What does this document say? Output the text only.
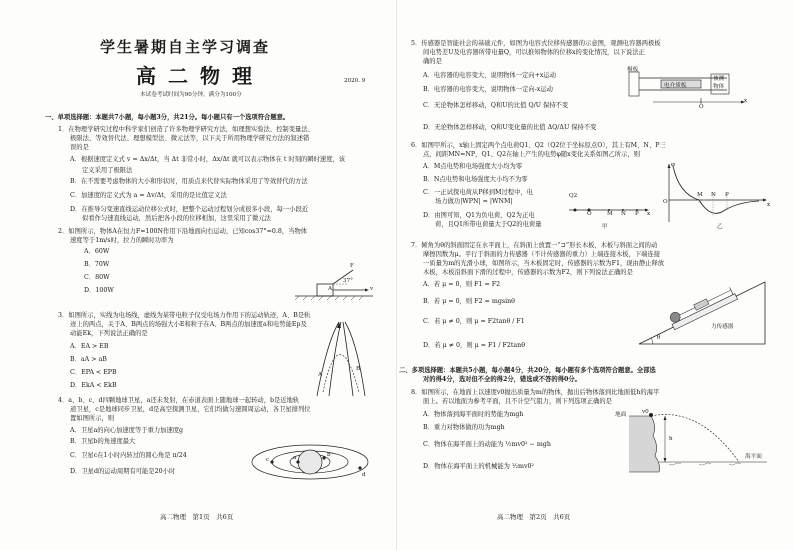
学生暑期自主学习调查
高二物理	2020. 9
本试卷考试时间为90分钟，满分为100分
一、单项选择题：本题共7小题，每小题3分，共21分。每小题只有一个选项符合题意。
1．在物理学研究过程中科学家们创造了许多物理学研究方法，如理想实验法、控制变量法、
极限法、等效替代法、理想模型法、微元法等，以下关于所用物理学研究方法的叙述错
误的是
A．根据速度定义式 v = Δx/Δt，当 Δt 非常小时，Δx/Δt 就可以表示物体在 t 时刻的瞬时速度，该
定义采用了极限法
B．在不需要考虑物体的大小和形状时，用质点来代替实际物体采用了等效替代的方法
C．加速度的定义式为 a = Δv/Δt，采用的是比值定义法
D．在推导匀变速直线运动位移公式时，把整个运动过程划分成很多小段，每一小段近
似看作匀速直线运动，然后把各小段的位移相加，这里采用了微元法
2．如图所示，物体A在恒力F=100N作用下沿地面向右运动，已知cos37°=0.8，当物体
速度等于1m/s时，拉力的瞬时功率为
A．60W
B．70W
C．80W
D．100W
F
37°
A	v
3．如图所示，实线为电场线，虚线为某带电粒子仅受电场力作用下的运动轨迹，A、B是轨
迹上的两点，关于A、B两点的场强大小E和粒子在A、B两点的加速度a和电势能Ep及
动能Ek，下列说法正确的是
A．EA > EB
B．aA > aB
C．EPA < EPB
D．EkA < EkB
A
B
4．a、b、c、d四颗地球卫星，a还未发射，在赤道表面上随地球一起转动，b是近地轨
道卫星，c是地球同步卫星，d是高空探测卫星，它们均做匀速圆周运动，各卫星排列位
置如图所示，则
A．卫星a的向心加速度等于重力加速度g
B．卫星b的角速度最大
C．卫星c在1小时内转过的圆心角是 π/24
D．卫星d的运动周期有可能是20小时
a	b
c
d
高二物理　第1页　共6页
5．传感器是智能社会的基础元件，如图为电容式位移传感器的示意图，观测电容器两极板
间电势差U及电容器所带电量Q，可以推知物体的位移x的变化情况，以下说法正
确的是
A．电容器的电容变大，说明物体一定向+x运动
B．电容器的电容变大，说明物体一定向-x运动
C．无论物体怎样移动，Q和U的比值 Q/U 保持不变
D．无论物体怎样移动，Q和U变化量的比值 ΔQ/ΔU 保持不变
极板
电介质板
被测物体
O
x
6．如图甲所示，x轴上固定两个点电荷Q1、Q2（Q2位于坐标原点O），其上有M、N、P三
点，间距MN=NP，Q1、Q2在轴上产生的电势φ随x变化关系如图乙所示，则
A．M点电势和电场强度大小均为零
B．N点电势和电场强度大小均不为零
C．一正试探电荷从P移到M过程中，电
场力做功|WPN| = |WNM|
D．由图可知，Q1为负电荷，Q2为正电
荷，且Q1所带电荷量大于Q2的电荷量
Q2
O	M N P x
甲
φ
O
M N P
x
乙
7．倾角为θ的斜面固定在水平面上，在斜面上放置一“⊐”形长木板，木板与斜面之间的动
摩擦因数为μ。平行于斜面的力传感器（不计传感器的重力）上端连接木板，下端连接
一质量为m的光滑小球，如图所示，当木板固定时，传感器的示数为F1，现由静止释放
木板，木板沿斜面下滑的过程中，传感器的示数为F2，则下列说法正确的是
A．若 μ = 0，则 F1 = F2
B．若 μ = 0，则 F2 = mgsinθ
C．若 μ ≠ 0，则 μ = F2tanθ / F1
D．若 μ ≠ 0，则 μ = F1 / F2tanθ
力传感器
θ
二、多项选择题：本题共5小题，每小题4分，共20分，每小题有多个选项符合题意。全部选
对的得4分，选对但不全的得2分，错选或不答的得0分。
8．如图所示，在地面上以速度v0抛出质量为m的物体，抛出后物体落到比地面低h的海平
面上。若以地面为参考平面，且不计空气阻力，则下列选项正确的是
A．物体落到海平面时的势能为mgh
B．重力对物体做的功为mgh
C．物体在海平面上的动能为 ½mv0² − mgh
D．物体在海平面上的机械能为 ½mv0²
地面	v0
h
海平面
高二物理　第2页　共6页
